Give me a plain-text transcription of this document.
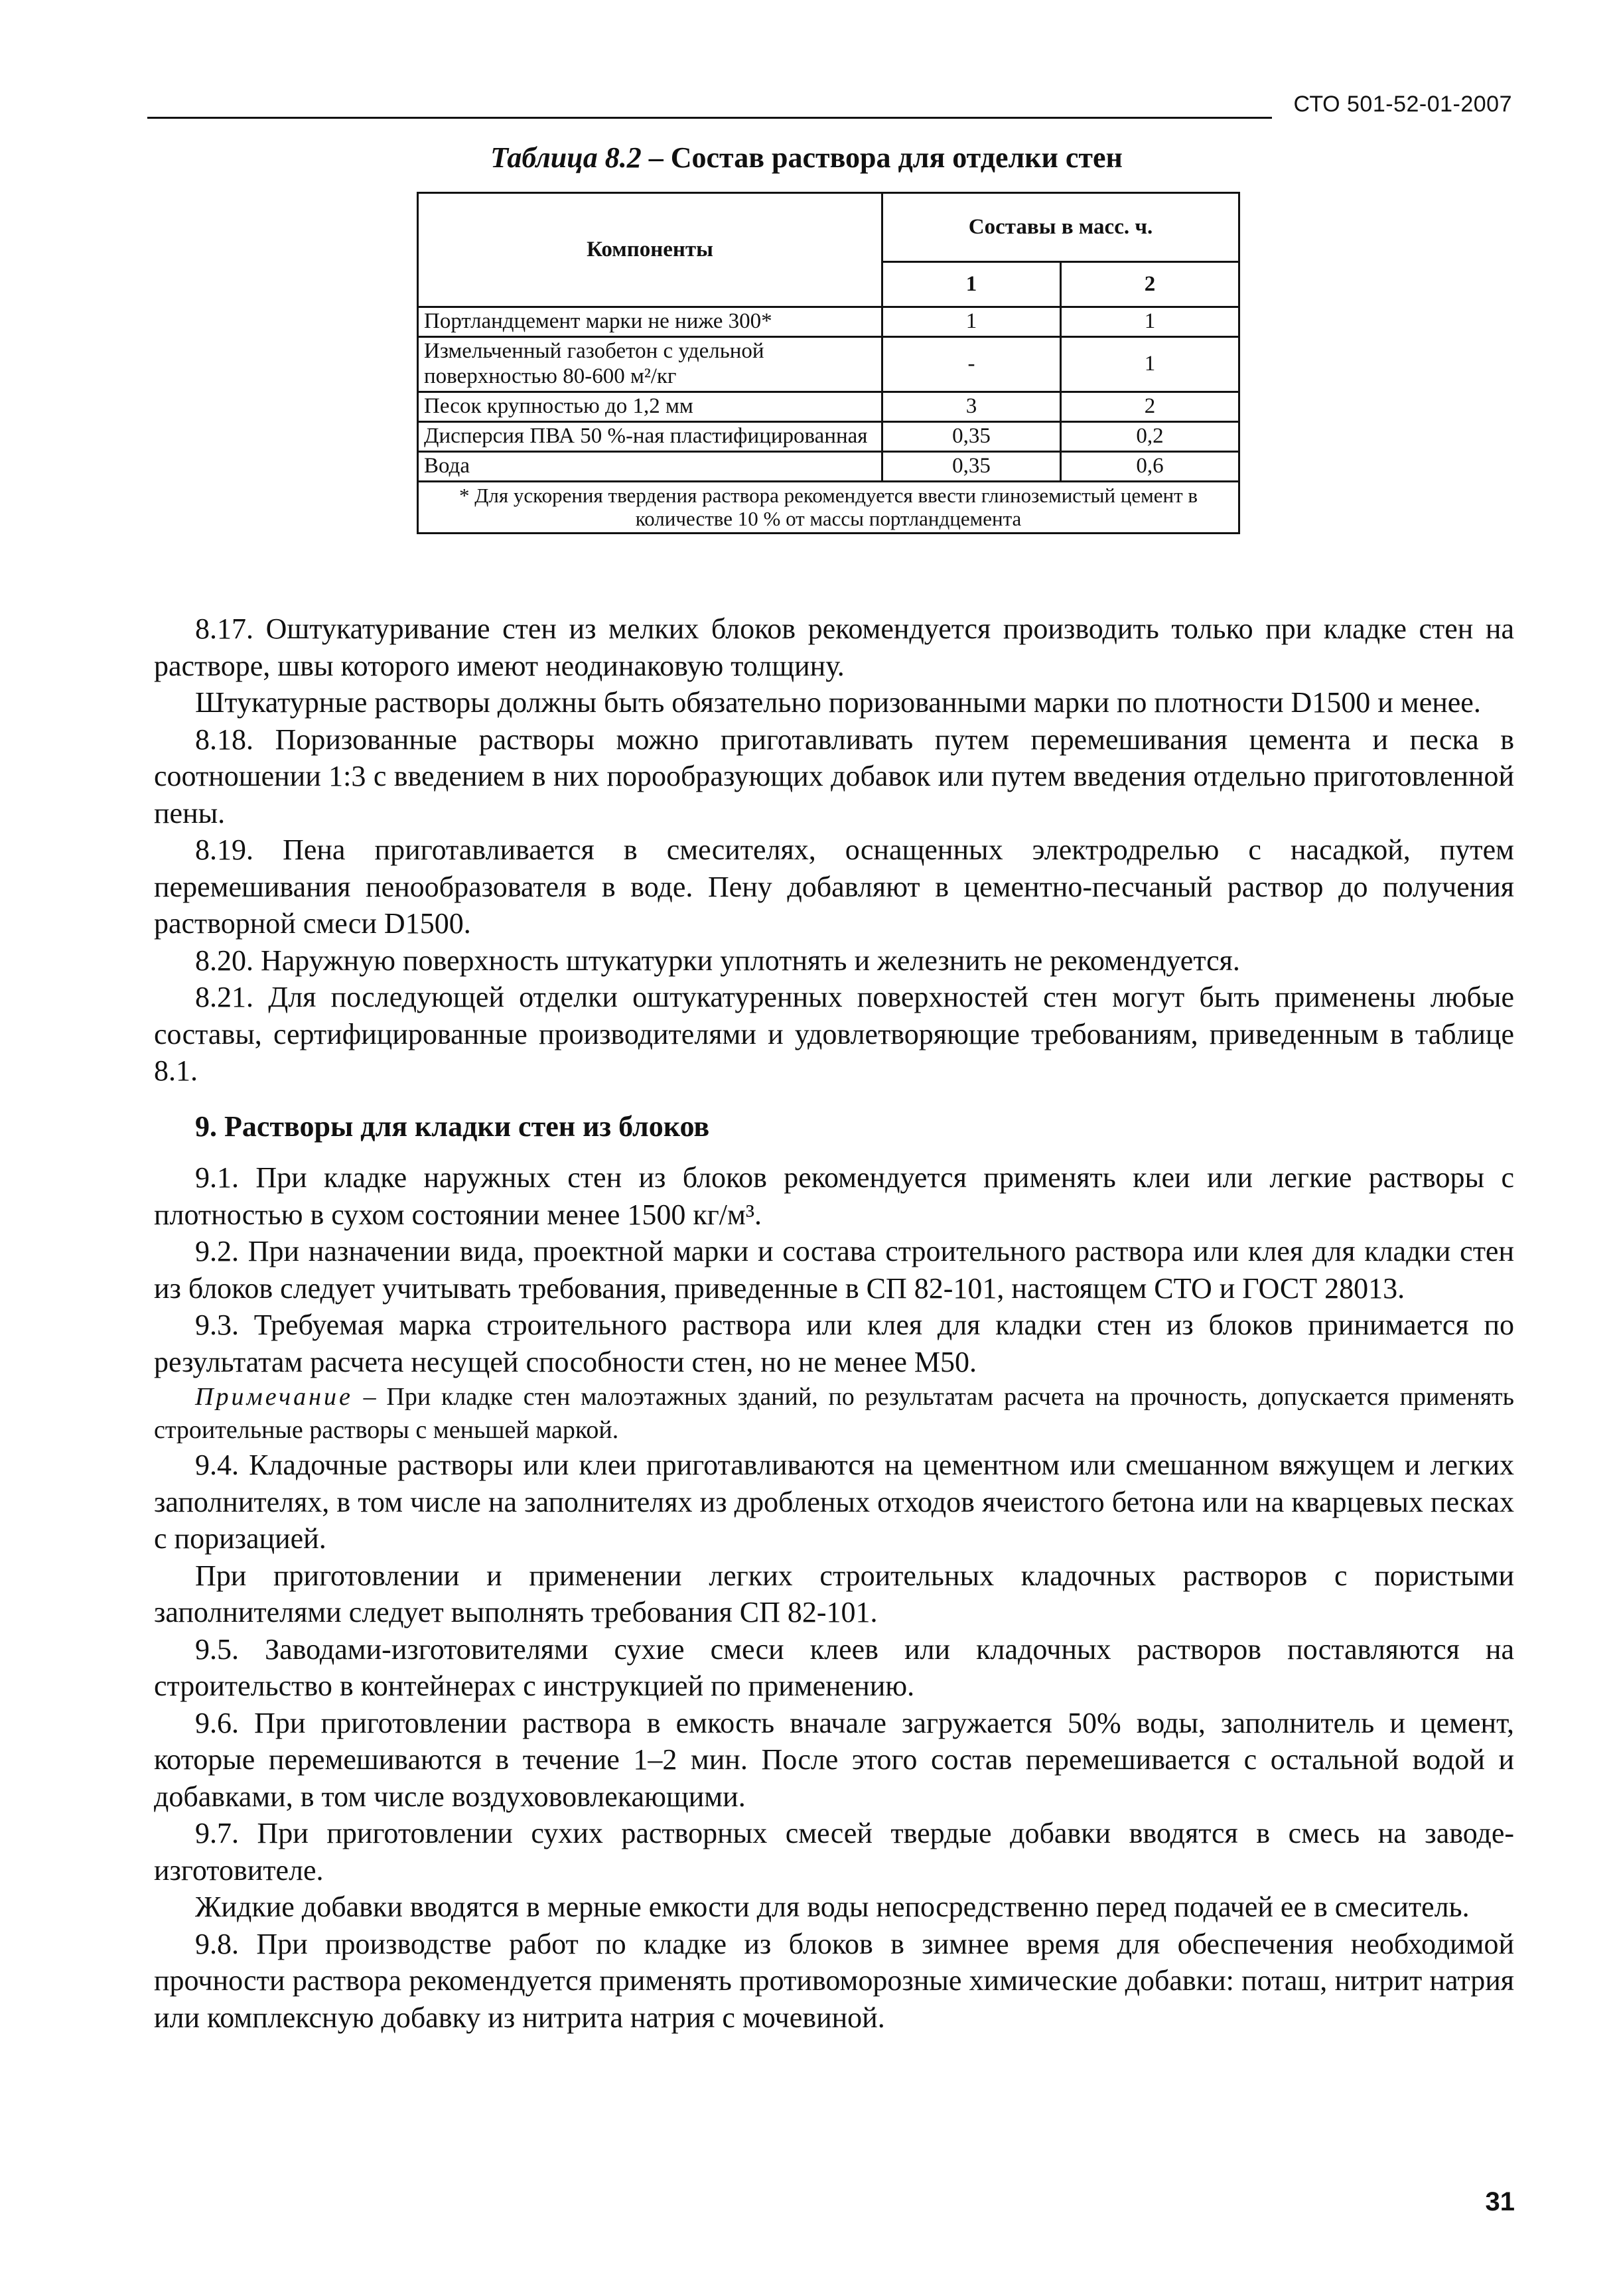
СТО 501-52-01-2007
Таблица 8.2 – Состав раствора для отделки стен
Компоненты	Составы в масс. ч.	
	1	2
Портландцемент марки не ниже 300*	1	1
Измельченный газобетон с удельной поверхностью 80-600 м²/кг	-	1
Песок крупностью до 1,2 мм	3	2
Дисперсия ПВА 50 %-ная пластифицированная	0,35	0,2
Вода	0,35	0,6
* Для ускорения твердения раствора рекомендуется ввести глиноземистый цемент в количестве 10 % от массы портландцемента		

8.17. Оштукатуривание стен из мелких блоков рекомендуется производить только при кладке стен на растворе, швы которого имеют неодинаковую толщину.

Штукатурные растворы должны быть обязательно поризованными марки по плотности D1500 и менее.

8.18. Поризованные растворы можно приготавливать путем перемешивания цемента и песка в соотношении 1:3 с введением в них порообразующих добавок или путем введения отдельно приготовленной пены.

8.19. Пена приготавливается в смесителях, оснащенных электродрелью с насадкой, путем перемешивания пенообразователя в воде. Пену добавляют в цементно-песчаный раствор до получения растворной смеси D1500.

8.20. Наружную поверхность штукатурки уплотнять и железнить не рекомендуется.

8.21. Для последующей отделки оштукатуренных поверхностей стен могут быть применены любые составы, сертифицированные производителями и удовлетворяющие требованиям, приведенным в таблице 8.1.

9. Растворы для кладки стен из блоков

9.1. При кладке наружных стен из блоков рекомендуется применять клеи или легкие растворы с плотностью в сухом состоянии менее 1500 кг/м³.

9.2. При назначении вида, проектной марки и состава строительного раствора или клея для кладки стен из блоков следует учитывать требования, приведенные в СП 82-101, настоящем СТО и ГОСТ 28013.

9.3. Требуемая марка строительного раствора или клея для кладки стен из блоков принимается по результатам расчета несущей способности стен, но не менее М50.

Примечание – При кладке стен малоэтажных зданий, по результатам расчета на прочность, допускается применять строительные растворы с меньшей маркой.

9.4. Кладочные растворы или клеи приготавливаются на цементном или смешанном вяжущем и легких заполнителях, в том числе на заполнителях из дробленых отходов ячеистого бетона или на кварцевых песках с поризацией.

При приготовлении и применении легких строительных кладочных растворов с пористыми заполнителями следует выполнять требования СП 82-101.

9.5. Заводами-изготовителями сухие смеси клеев или кладочных растворов поставляются на строительство в контейнерах с инструкцией по применению.

9.6. При приготовлении раствора в емкость вначале загружается 50% воды, заполнитель и цемент, которые перемешиваются в течение 1–2 мин. После этого состав перемешивается с остальной водой и добавками, в том числе воздухововлекающими.

9.7. При приготовлении сухих растворных смесей твердые добавки вводятся в смесь на заводе-изготовителе.

Жидкие добавки вводятся в мерные емкости для воды непосредственно перед подачей ее в смеситель.

9.8. При производстве работ по кладке из блоков в зимнее время для обеспечения необходимой прочности раствора рекомендуется применять противоморозные химические добавки: поташ, нитрит натрия или комплексную добавку из нитрита натрия с мочевиной.

31
